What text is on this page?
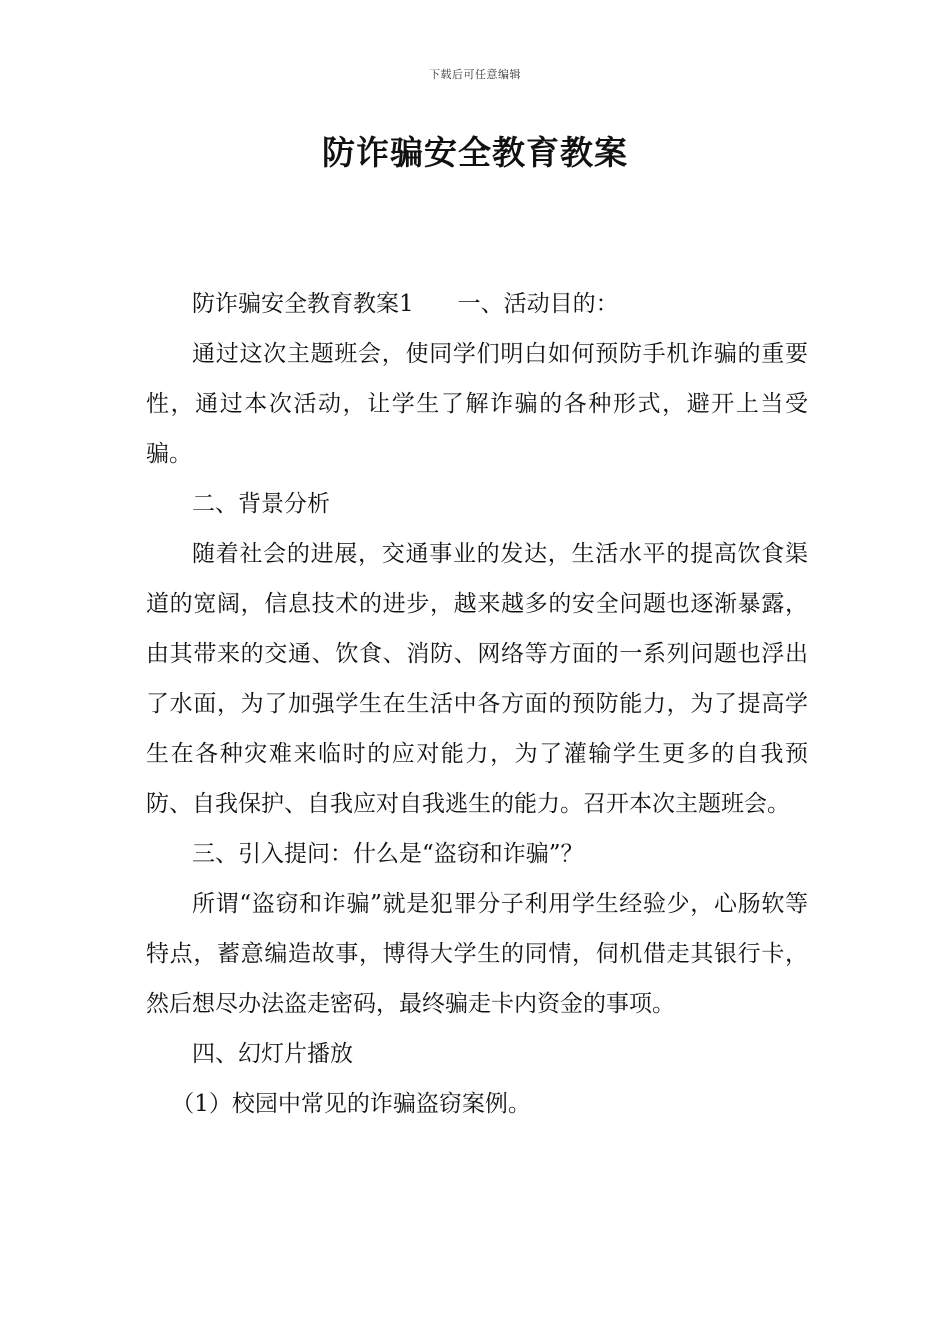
下载后可任意编辑
防诈骗安全教育教案

防诈骗安全教育教案1 一、活动目的：

通过这次主题班会，使同学们明白如何预防手机诈骗的重要性，通过本次活动，让学生了解诈骗的各种形式，避开上当受骗。

二、背景分析

随着社会的进展，交通事业的发达，生活水平的提高饮食渠道的宽阔，信息技术的进步，越来越多的安全问题也逐渐暴露，由其带来的交通、饮食、消防、网络等方面的一系列问题也浮出了水面，为了加强学生在生活中各方面的预防能力，为了提高学生在各种灾难来临时的应对能力，为了灌输学生更多的自我预防、自我保护、自我应对自我逃生的能力。召开本次主题班会。

三、引入提问：什么是“盗窃和诈骗”？

所谓“盗窃和诈骗”就是犯罪分子利用学生经验少，心肠软等特点，蓄意编造故事，博得大学生的同情，伺机借走其银行卡，然后想尽办法盗走密码，最终骗走卡内资金的事项。

四、幻灯片播放

（1）校园中常见的诈骗盗窃案例。
